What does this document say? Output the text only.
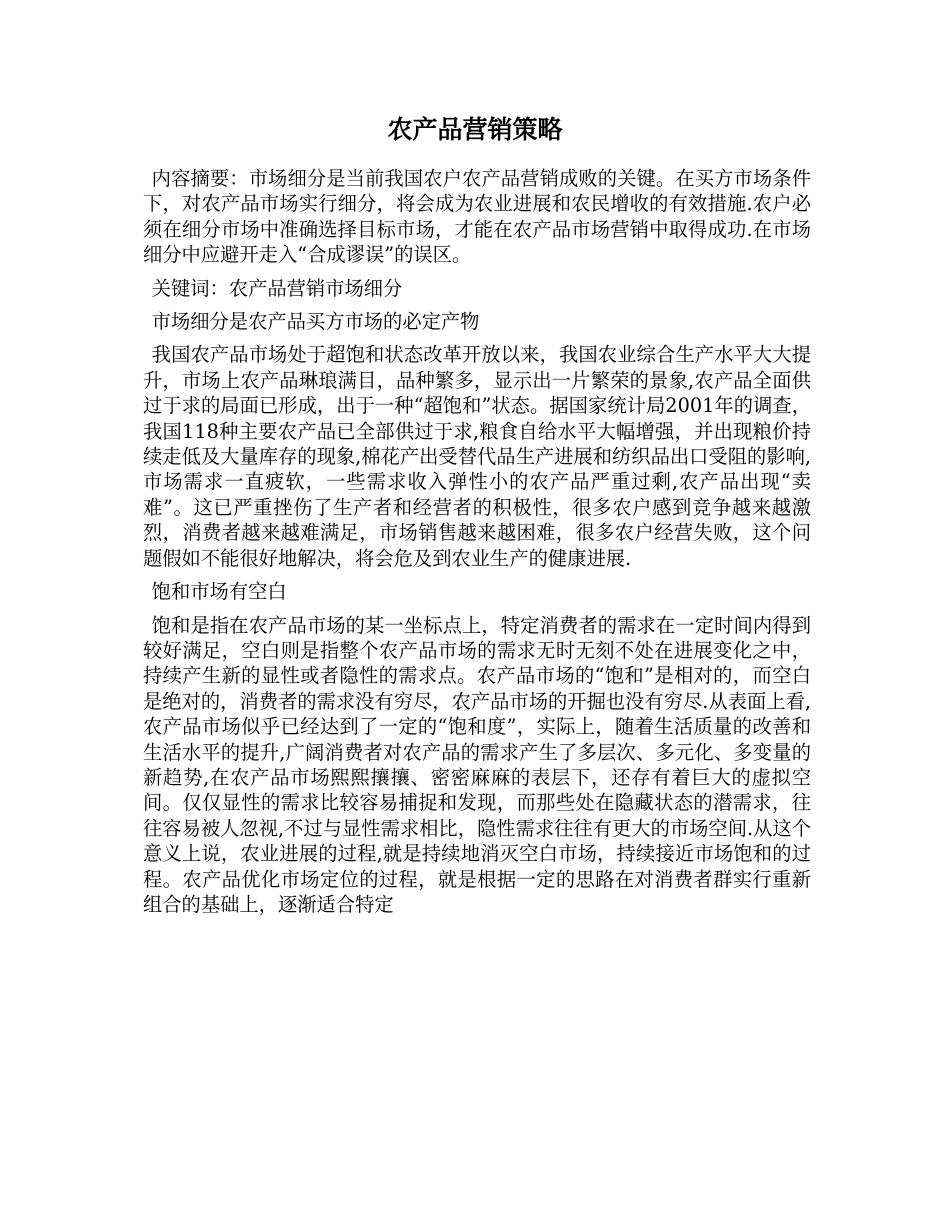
农产品营销策略

内容摘要：市场细分是当前我国农户农产品营销成败的关键。在买方市场条件下，对农产品市场实行细分，将会成为农业进展和农民增收的有效措施.农户必须在细分市场中准确选择目标市场，才能在农产品市场营销中取得成功.在市场细分中应避开走入“合成谬误”的误区。

关键词：农产品营销市场细分

市场细分是农产品买方市场的必定产物

我国农产品市场处于超饱和状态改革开放以来，我国农业综合生产水平大大提升，市场上农产品琳琅满目，品种繁多，显示出一片繁荣的景象,农产品全面供过于求的局面已形成，出于一种“超饱和”状态。据国家统计局2001年的调查，我国118种主要农产品已全部供过于求,粮食自给水平大幅增强，并出现粮价持续走低及大量库存的现象,棉花产出受替代品生产进展和纺织品出口受阻的影响,市场需求一直疲软，一些需求收入弹性小的农产品严重过剩,农产品出现“卖难”。这已严重挫伤了生产者和经营者的积极性，很多农户感到竞争越来越激烈，消费者越来越难满足，市场销售越来越困难，很多农户经营失败，这个问题假如不能很好地解决，将会危及到农业生产的健康进展.

饱和市场有空白

饱和是指在农产品市场的某一坐标点上，特定消费者的需求在一定时间内得到较好满足，空白则是指整个农产品市场的需求无时无刻不处在进展变化之中，持续产生新的显性或者隐性的需求点。农产品市场的“饱和”是相对的，而空白是绝对的，消费者的需求没有穷尽，农产品市场的开掘也没有穷尽.从表面上看,农产品市场似乎已经达到了一定的“饱和度”，实际上，随着生活质量的改善和生活水平的提升,广阔消费者对农产品的需求产生了多层次、多元化、多变量的新趋势,在农产品市场熙熙攘攘、密密麻麻的表层下，还存有着巨大的虚拟空间。仅仅显性的需求比较容易捕捉和发现，而那些处在隐藏状态的潜需求，往往容易被人忽视,不过与显性需求相比，隐性需求往往有更大的市场空间.从这个意义上说，农业进展的过程,就是持续地消灭空白市场，持续接近市场饱和的过程。农产品优化市场定位的过程，就是根据一定的思路在对消费者群实行重新组合的基础上，逐渐适合特定
